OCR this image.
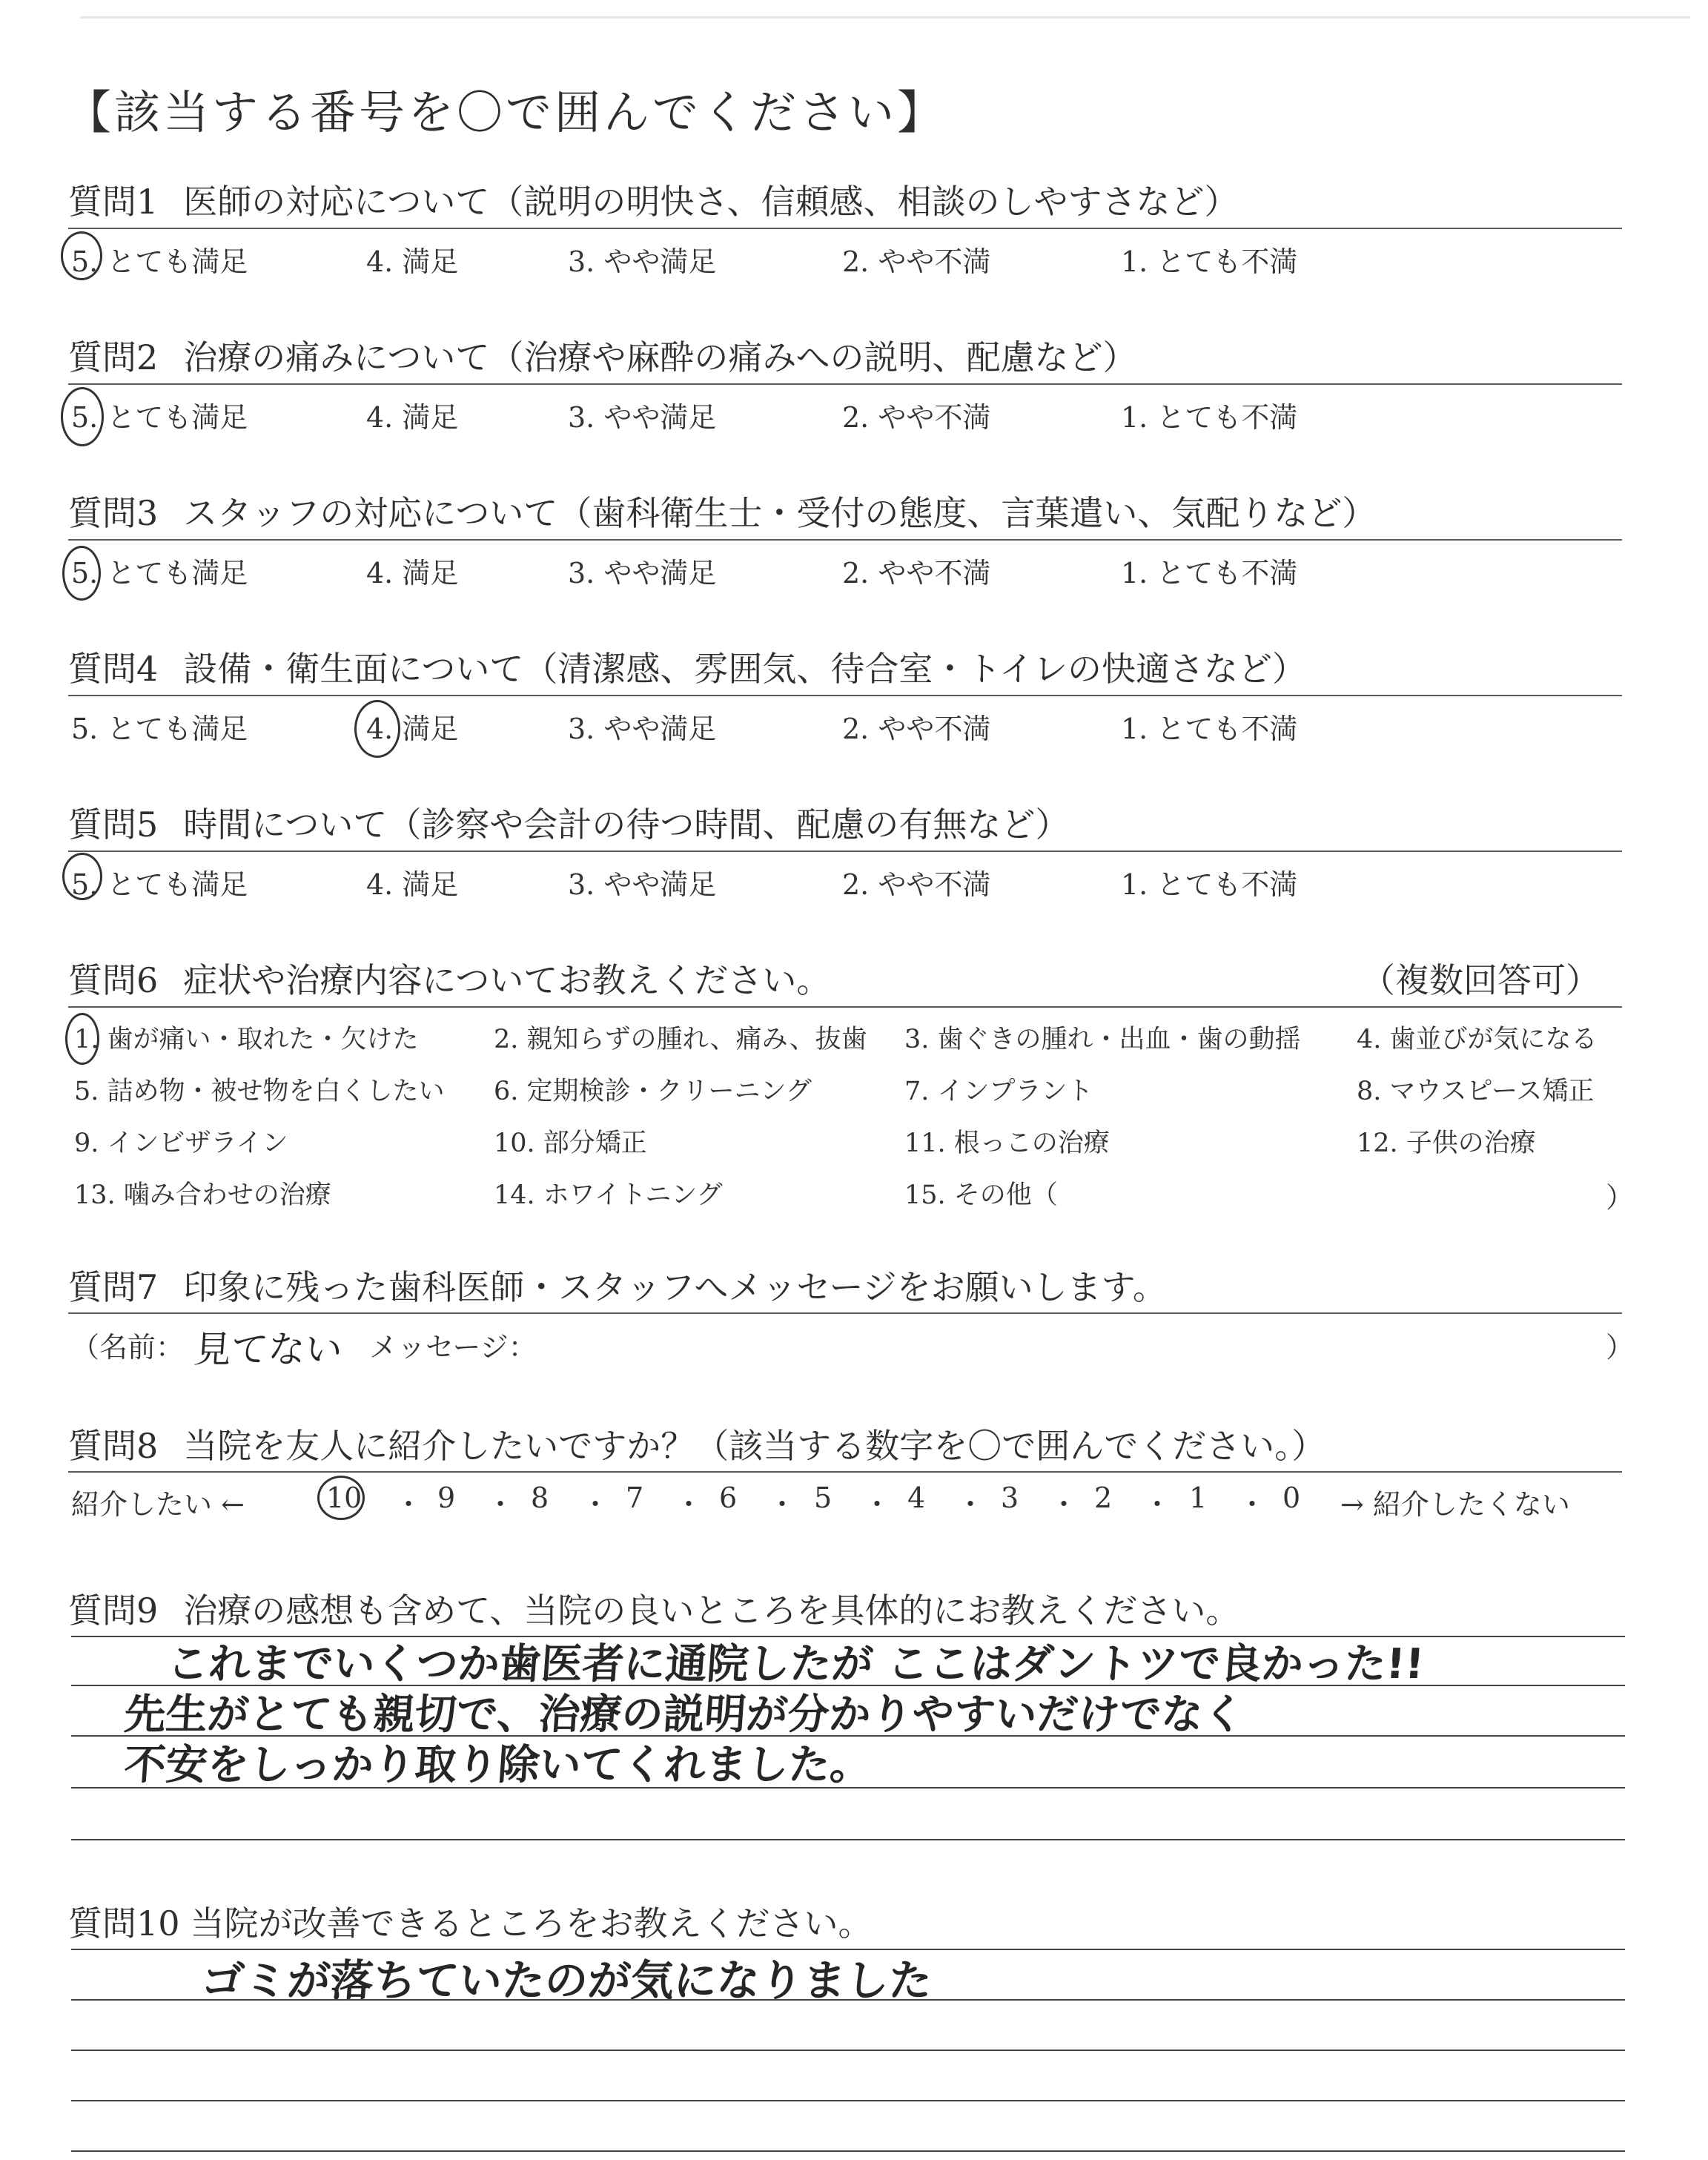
【該当する番号を〇で囲んでください】
質問1 医師の対応について（説明の明快さ、信頼感、相談のしやすさなど）
5. とても満足	4. 満足	3. やや満足	2. やや不満	1. とても不満
質問2 治療の痛みについて（治療や麻酔の痛みへの説明、配慮など）
5. とても満足	4. 満足	3. やや満足	2. やや不満	1. とても不満
質問3 スタッフの対応について（歯科衛生士・受付の態度、言葉遣い、気配りなど）
5. とても満足	4. 満足	3. やや満足	2. やや不満	1. とても不満
質問4 設備・衛生面について（清潔感、雰囲気、待合室・トイレの快適さなど）
5. とても満足	4. 満足	3. やや満足	2. やや不満	1. とても不満
質問5 時間について（診察や会計の待つ時間、配慮の有無など）
5. とても満足	4. 満足	3. やや満足	2. やや不満	1. とても不満
質問6 症状や治療内容についてお教えください。	（複数回答可）
1. 歯が痛い・取れた・欠けた	2. 親知らずの腫れ、痛み、抜歯 3. 歯ぐきの腫れ・出血・歯の動揺 4. 歯並びが気になる
5. 詰め物・被せ物を白くしたい 6. 定期検診・クリーニング	7. インプラント	8. マウスピース矯正
9. インビザライン	10. 部分矯正	11. 根っこの治療	12. 子供の治療
13. 噛み合わせの治療	14. ホワイトニング	15. その他（	）
質問7 印象に残った歯科医師・スタッフへメッセージをお願いします。
（名前： 見てない メッセージ：	）
質問8 当院を友人に紹介したいですか？（該当する数字を〇で囲んでください。）
紹介したい ←	10 ・ 9 ・ 8 ・ 7 ・ 6 ・ 5 ・ 4 ・ 3 ・ 2 ・ 1 ・ 0 → 紹介したくない
質問9 治療の感想も含めて、当院の良いところを具体的にお教えください。
これまでいくつか歯医者に通院したが ここはダントツで良かった!!
先生がとても親切で、治療の説明が分かりやすいだけでなく
不安をしっかり取り除いてくれました。
質問10 当院が改善できるところをお教えください。
ゴミが落ちていたのが気になりました
